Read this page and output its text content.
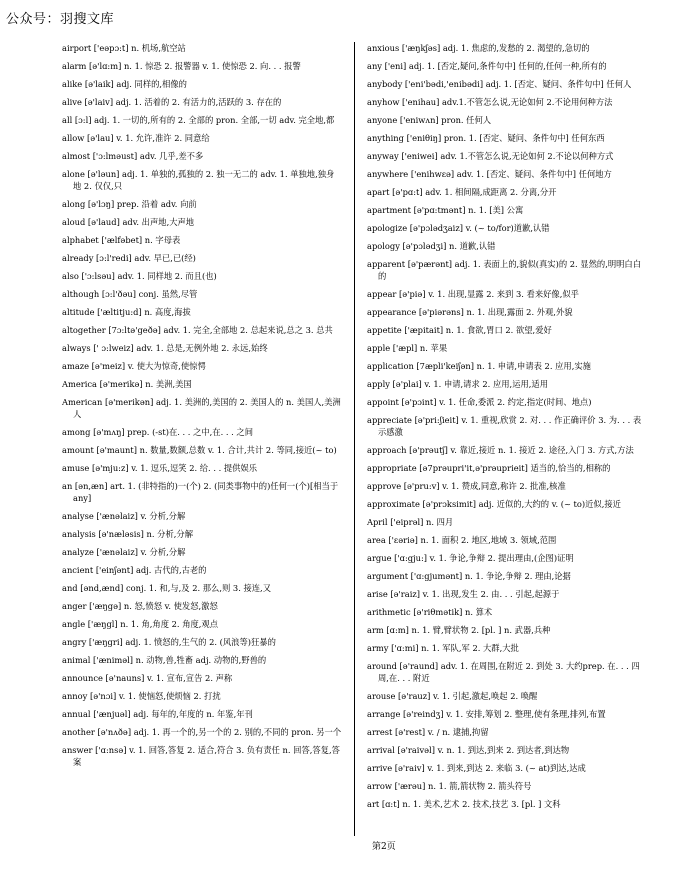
公众号：羽搜文库
airport ['eəpɔ:t] n. 机场,航空站
alarm [ə'lɑ:m] n. 1. 惊恐 2. 报警器 v. 1. 使惊恐 2. 向. . . 报警
alike [ə'laik] adj. 同样的,相像的
alive [ə'laiv] adj. 1. 活着的 2. 有活力的,活跃的 3. 存在的
all [ɔ:l] adj. 1. 一切的,所有的 2. 全部的 pron. 全部,一切 adv. 完全地,都
allow [ə'lau] v. 1. 允许,准许 2. 同意给
almost ['ɔ:lməust] adv. 几乎,差不多
alone [ə'ləun] adj. 1. 单独的,孤独的 2. 独一无二的 adv. 1. 单独地,独身地 2. 仅仅,只
along [ə'lɔŋ] prep. 沿着 adv. 向前
aloud [ə'laud] adv. 出声地,大声地
alphabet ['ælfəbet] n. 字母表
already [ɔ:l'redi] adv. 早已,已(经)
also ['ɔ:lsəu] adv. 1. 同样地 2. 而且(也)
although [ɔ:l'ðəu] conj. 虽然,尽管
altitude ['æltitju:d] n. 高度,海拔
altogether [7ɔ:ltə'geðə] adv. 1. 完全,全部地 2. 总起来说,总之 3. 总共
always [' ɔ:lweiz] adv. 1. 总是,无例外地 2. 永远,始终
amaze [ə'meiz] v. 使大为惊奇,使惊愕
America [ə'merikə] n. 美洲,美国
American [ə'merikən] adj. 1. 美洲的,美国的 2. 美国人的 n. 美国人,美洲人
among [ə'mʌŋ] prep. (-st)在. . . 之中,在. . . 之间
amount [ə'maunt] n. 数量,数额,总数 v. 1. 合计,共计 2. 等同,接近(~ to)
amuse [ə'mju:z] v. 1. 逗乐,逗笑 2. 给. . . 提供娱乐
an [ən,æn] art. 1. (非特指的)一(个) 2. (同类事物中的)任何一(个)[相当于any]
analyse ['ænəlaiz] v. 分析,分解
analysis [ə'næləsis] n. 分析,分解
analyze ['ænəlaiz] v. 分析,分解
ancient ['einʃənt] adj. 古代的,古老的
and [ənd,ænd] conj. 1. 和,与,及 2. 那么,则 3. 接连,又
anger ['æŋgə] n. 怒,愤怒 v. 使发怒,激怒
angle ['æŋgl] n. 1. 角,角度 2. 角度,观点
angry ['æŋgri] adj. 1. 愤怒的,生气的 2. (风浪等)狂暴的
animal ['æniməl] n. 动物,兽,牲畜 adj. 动物的,野兽的
announce [ə'nauns] v. 1. 宣布,宣告 2. 声称
annoy [ə'nɔi] v. 1. 使恼怒,使烦恼 2. 打扰
annual ['ænjuəl] adj. 每年的,年度的 n. 年鉴,年刊
another [ə'nʌðə] adj. 1. 再一个的,另一个的 2. 别的,不同的 pron. 另一个
answer ['ɑ:nsə] v. 1. 回答,答复 2. 适合,符合 3. 负有责任 n. 回答,答复,答案
anxious ['æŋkʃəs] adj. 1. 焦虑的,发愁的 2. 渴望的,急切的
any ['eni] adj. 1. [否定,疑问,条件句中] 任何的,任何一种,所有的
anybody ['eni'bədi,'enibədi] adj. 1. [否定、疑问、条件句中] 任何人
anyhow ['enihau] adv.1.不管怎么说,无论如何 2.不论用何种方法
anyone ['eniwʌn] pron. 任何人
anything ['eniθiŋ] pron. 1. [否定、疑问、条件句中] 任何东西
anyway ['eniwei] adv. 1.不管怎么说,无论如何 2.不论以何种方式
anywhere ['enihwεə] adv. 1. [否定、疑问、条件句中] 任何地方
apart [ə'pɑ:t] adv. 1. 相间隔,成距离 2. 分离,分开
apartment [ə'pɑ:tmənt] n. 1. [美] 公寓
apologize [ə'pɔlədʒaiz] v. (~ to/for)道歉,认错
apology [ə'pɔlədʒi] n. 道歉,认错
apparent [ə'pærənt] adj. 1. 表面上的,貌似(真实)的 2. 显然的,明明白白的
appear [ə'piə] v. 1. 出现,显露 2. 来到 3. 看来好像,似乎
appearance [ə'piərəns] n. 1. 出现,露面 2. 外观,外貌
appetite ['æpitait] n. 1. 食欲,胃口 2. 欲望,爱好
apple ['æpl] n. 苹果
application [7æpli'keiʃən] n. 1. 申请,申请表 2. 应用,实施
apply [ə'plai] v. 1. 申请,请求 2. 应用,运用,适用
appoint [ə'pɔint] v. 1. 任命,委派 2. 约定,指定(时间、地点)
appreciate [ə'pri:ʃieit] v. 1. 重视,欣赏 2. 对. . . 作正确评价 3. 为. . . 表示感激
approach [ə'prəutʃ] v. 靠近,接近 n. 1. 接近 2. 途径,入门 3. 方式,方法
appropriate [ə7prəupri'it,ə'prəuprieit] 适当的,恰当的,相称的
approve [ə'pru:v] v. 1. 赞成,同意,称许 2. 批准,核准
approximate [ə'prɔksimit] adj. 近似的,大约的 v. (~ to)近似,接近
April ['eiprəl] n. 四月
area ['εəriə] n. 1. 面积 2. 地区,地域 3. 领域,范围
argue ['ɑ:gju:] v. 1. 争论,争辩 2. 提出理由,(企图)证明
argument ['ɑ:gjumənt] n. 1. 争论,争辩 2. 理由,论据
arise [ə'raiz] v. 1. 出现,发生 2. 由. . . 引起,起源于
arithmetic [ə'riθmətik] n. 算术
arm [ɑ:m] n. 1. 臂,臂状物 2. [pl. ] n. 武器,兵种
army ['ɑ:mi] n. 1. 军队,军 2. 大群,大批
around [ə'raund] adv. 1. 在周围,在附近 2. 到处 3. 大约prep. 在. . . 四周,在. . . 附近
arouse [ə'rauz] v. 1. 引起,激起,唤起 2. 唤醒
arrange [ə'reindʒ] v. 1. 安排,筹划 2. 整理,使有条理,排列,布置
arrest [ə'rest] v. / n. 逮捕,拘留
arrival [ə'raivəl] v. n. 1. 到达,到来 2. 到达者,到达物
arrive [ə'raiv] v. 1. 到来,到达 2. 来临 3. (~ at)到达,达成
arrow ['ærəu] n. 1. 箭,箭状物 2. 箭头符号
art [ɑ:t] n. 1. 美术,艺术 2. 技术,技艺 3. [pl. ] 文科
第2页
